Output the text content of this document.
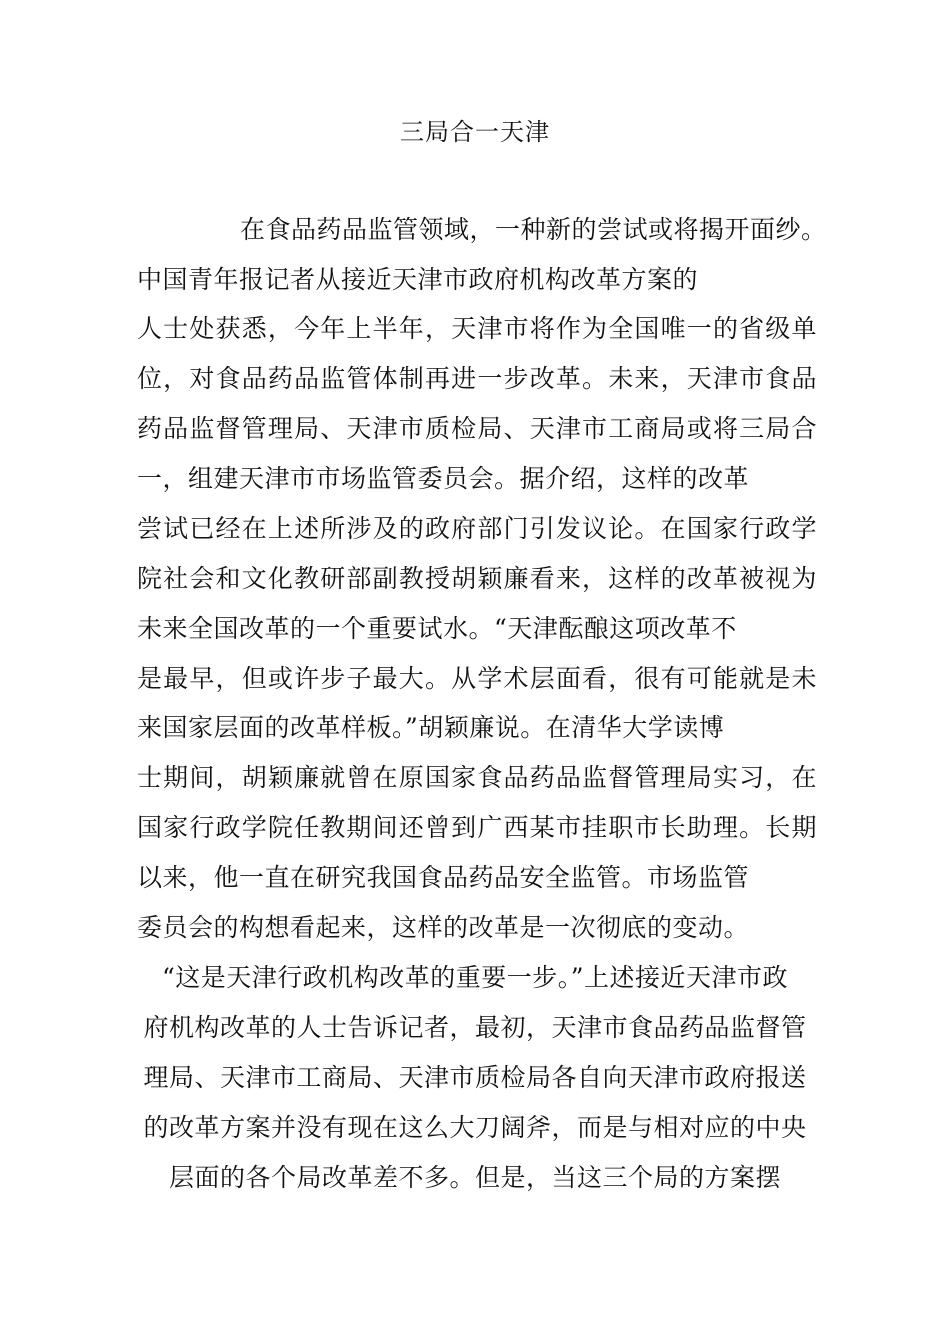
三局合一天津
在食品药品监管领域，一种新的尝试或将揭开面纱。
中国青年报记者从接近天津市政府机构改革方案的
人士处获悉，今年上半年，天津市将作为全国唯一的省级单
位，对食品药品监管体制再进一步改革。未来，天津市食品
药品监督管理局、天津市质检局、天津市工商局或将三局合
一，组建天津市市场监管委员会。据介绍，这样的改革
尝试已经在上述所涉及的政府部门引发议论。在国家行政学
院社会和文化教研部副教授胡颖廉看来，这样的改革被视为
未来全国改革的一个重要试水。“天津酝酿这项改革不
是最早，但或许步子最大。从学术层面看，很有可能就是未
来国家层面的改革样板。”胡颖廉说。在清华大学读博
士期间，胡颖廉就曾在原国家食品药品监督管理局实习，在
国家行政学院任教期间还曾到广西某市挂职市长助理。长期
以来，他一直在研究我国食品药品安全监管。市场监管
委员会的构想看起来，这样的改革是一次彻底的变动。
“这是天津行政机构改革的重要一步。”上述接近天津市政
府机构改革的人士告诉记者，最初，天津市食品药品监督管
理局、天津市工商局、天津市质检局各自向天津市政府报送
的改革方案并没有现在这么大刀阔斧，而是与相对应的中央
层面的各个局改革差不多。但是，当这三个局的方案摆
